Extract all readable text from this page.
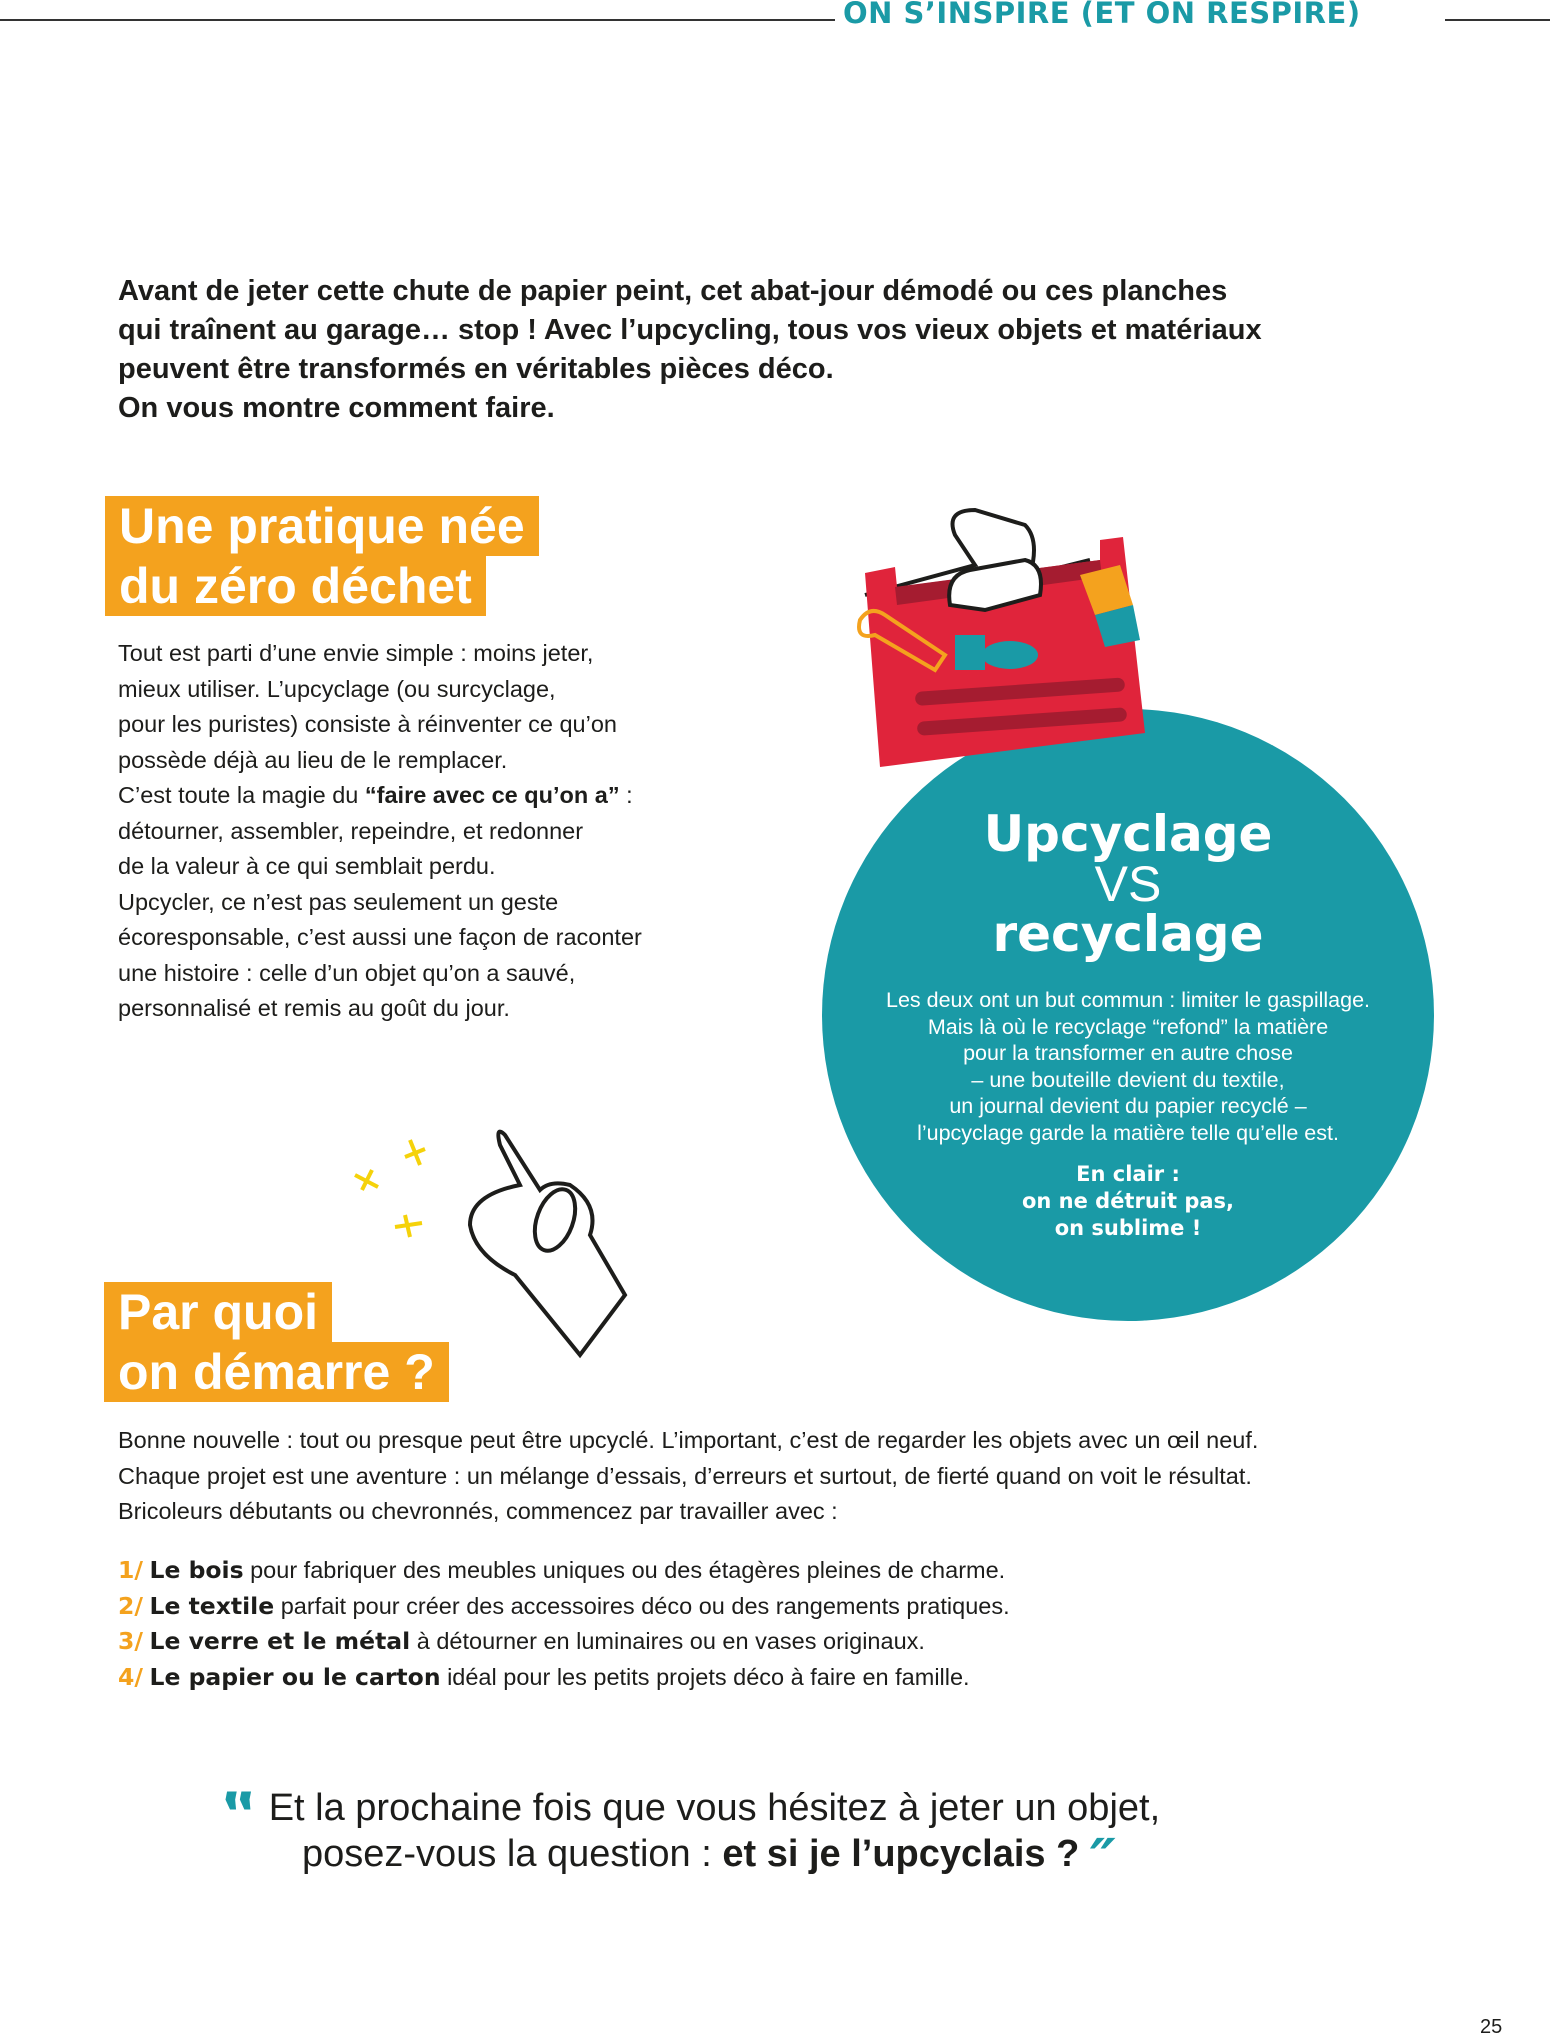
ON S’INSPIRE (ET ON RESPIRE)

Avant de jeter cette chute de papier peint, cet abat-jour démodé ou ces planches

qui traînent au garage… stop ! Avec l’upcycling, tous vos vieux objets et matériaux

peuvent être transformés en véritables pièces déco.

On vous montre comment faire.

Une pratique née
du zéro déchet

Tout est parti d’une envie simple : moins jeter,

mieux utiliser. L’upcyclage (ou surcyclage,

pour les puristes) consiste à réinventer ce qu’on

possède déjà au lieu de le remplacer.

C’est toute la magie du “faire avec ce qu’on a” :

détourner, assembler, repeindre, et redonner

de la valeur à ce qui semblait perdu.

Upcycler, ce n’est pas seulement un geste

écoresponsable, c’est aussi une façon de raconter

une histoire : celle d’un objet qu’on a sauvé,

personnalisé et remis au goût du jour.

Upcyclage
VS
recyclage
Les deux ont un but commun : limiter le gaspillage.
Mais là où le recyclage “refond” la matière
pour la transformer en autre chose
– une bouteille devient du textile,
un journal devient du papier recyclé –
l’upcyclage garde la matière telle qu’elle est.
En clair :
on ne détruit pas,
on sublime !
Par quoi
on démarre ?

Bonne nouvelle : tout ou presque peut être upcyclé. L’important, c’est de regarder les objets avec un œil neuf.

Chaque projet est une aventure : un mélange d’essais, d’erreurs et surtout, de fierté quand on voit le résultat.

Bricoleurs débutants ou chevronnés, commencez par travailler avec :

1/ Le bois pour fabriquer des meubles uniques ou des étagères pleines de charme.
2/ Le textile parfait pour créer des accessoires déco ou des rangements pratiques.
3/ Le verre et le métal à détourner en luminaires ou en vases originaux.
4/ Le papier ou le carton idéal pour les petits projets déco à faire en famille.
‟ Et la prochaine fois que vous hésitez à jeter un objet,
posez-vous la question : et si je l’upcyclais ? ″
25
